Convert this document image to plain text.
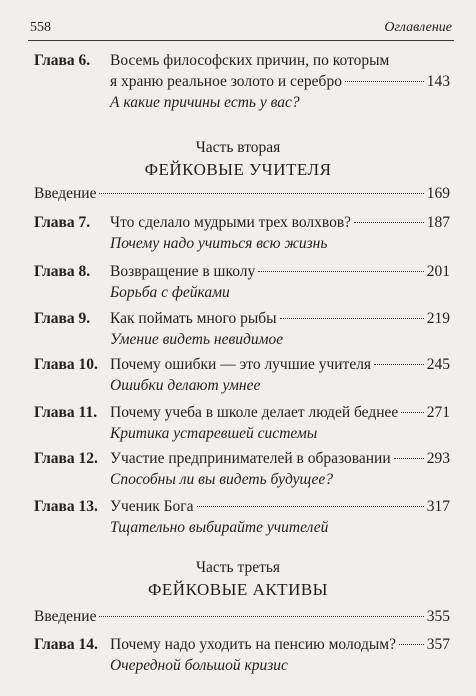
558	Оглавление
Глава 6. Восемь философских причин, по которым
я храню реальное золото и серебро	143
А какие причины есть у вас?
Часть вторая
ФЕЙКОВЫЕ УЧИТЕЛЯ
Введение	169
Глава 7. Что сделало мудрыми трех волхвов?	187
Почему надо учиться всю жизнь
Глава 8. Возвращение в школу	201
Борьба с фейками
Глава 9. Как поймать много рыбы	219
Умение видеть невидимое
Глава 10. Почему ошибки — это лучшие учителя	245
Ошибки делают умнее
Глава 11. Почему учеба в школе делает людей беднее 271
Критика устаревшей системы
Глава 12. Участие предпринимателей в образовании 293
Способны ли вы видеть будущее?
Глава 13. Ученик Бога	317
Тщательно выбирайте учителей
Часть третья
ФЕЙКОВЫЕ АКТИВЫ
Введение	355
Глава 14. Почему надо уходить на пенсию молодым? 357
Очередной большой кризис
